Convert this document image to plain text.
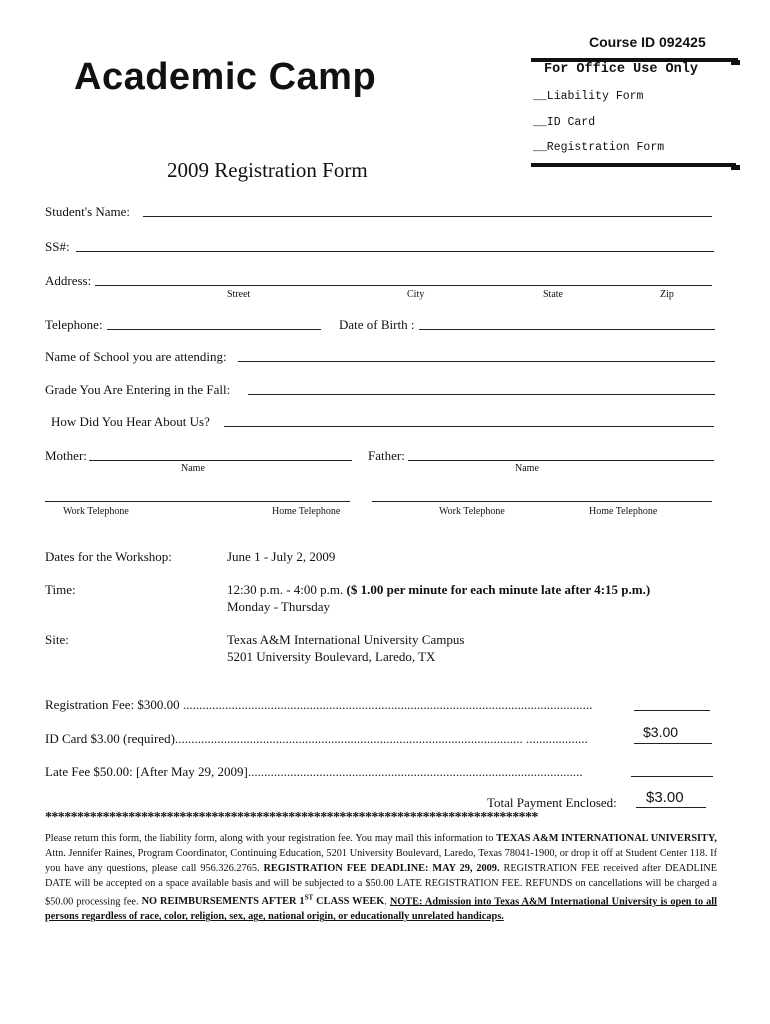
Course ID 092425
Academic Camp	For Office Use Only
__Liability Form
__ID Card
__Registration Form
2009 Registration Form
Student's Name:
SS#:
Address:
Street	City	State	Zip
Telephone:	Date of Birth :
Name of School you are attending:
Grade You Are Entering in the Fall:
How Did You Hear About Us?
Mother:
Name
Father:
Name
Work Telephone	Home Telephone	Work Telephone	Home Telephone
Dates for the Workshop:	June 1 - July 2, 2009
Time:	12:30 p.m. - 4:00 p.m. ($ 1.00 per minute for each minute late after 4:15 p.m.)
Monday - Thursday
Site:	Texas A&M International University Campus
5201 University Boulevard, Laredo, TX
Registration Fee: $300.00 ..............................................................................................................................
ID Card $3.00 (required)........................................................................................................... ...................	$3.00
Late Fee $50.00: [After May 29, 2009].......................................................................................................
Total Payment Enclosed: $3.00
*****************************************************************************
Please return this form, the liability form, along with your registration fee. You may mail this information to TEXAS A&M INTERNATIONAL UNIVERSITY, Attn. Jennifer Raines, Program Coordinator, Continuing Education, 5201 University Boulevard, Laredo, Texas 78041-1900, or drop it off at Student Center 118. If you have any questions, please call 956.326.2765. REGISTRATION FEE DEADLINE: MAY 29, 2009. REGISTRATION FEE received after DEADLINE DATE will be accepted on a space available basis and will be subjected to a $50.00 LATE REGISTRATION FEE. REFUNDS on cancellations will be charged a $50.00 processing fee. NO REIMBURSEMENTS AFTER 1ST CLASS WEEK. NOTE: Admission into Texas A&M International University is open to all persons regardless of race, color, religion, sex, age, national origin, or educationally unrelated handicaps.
